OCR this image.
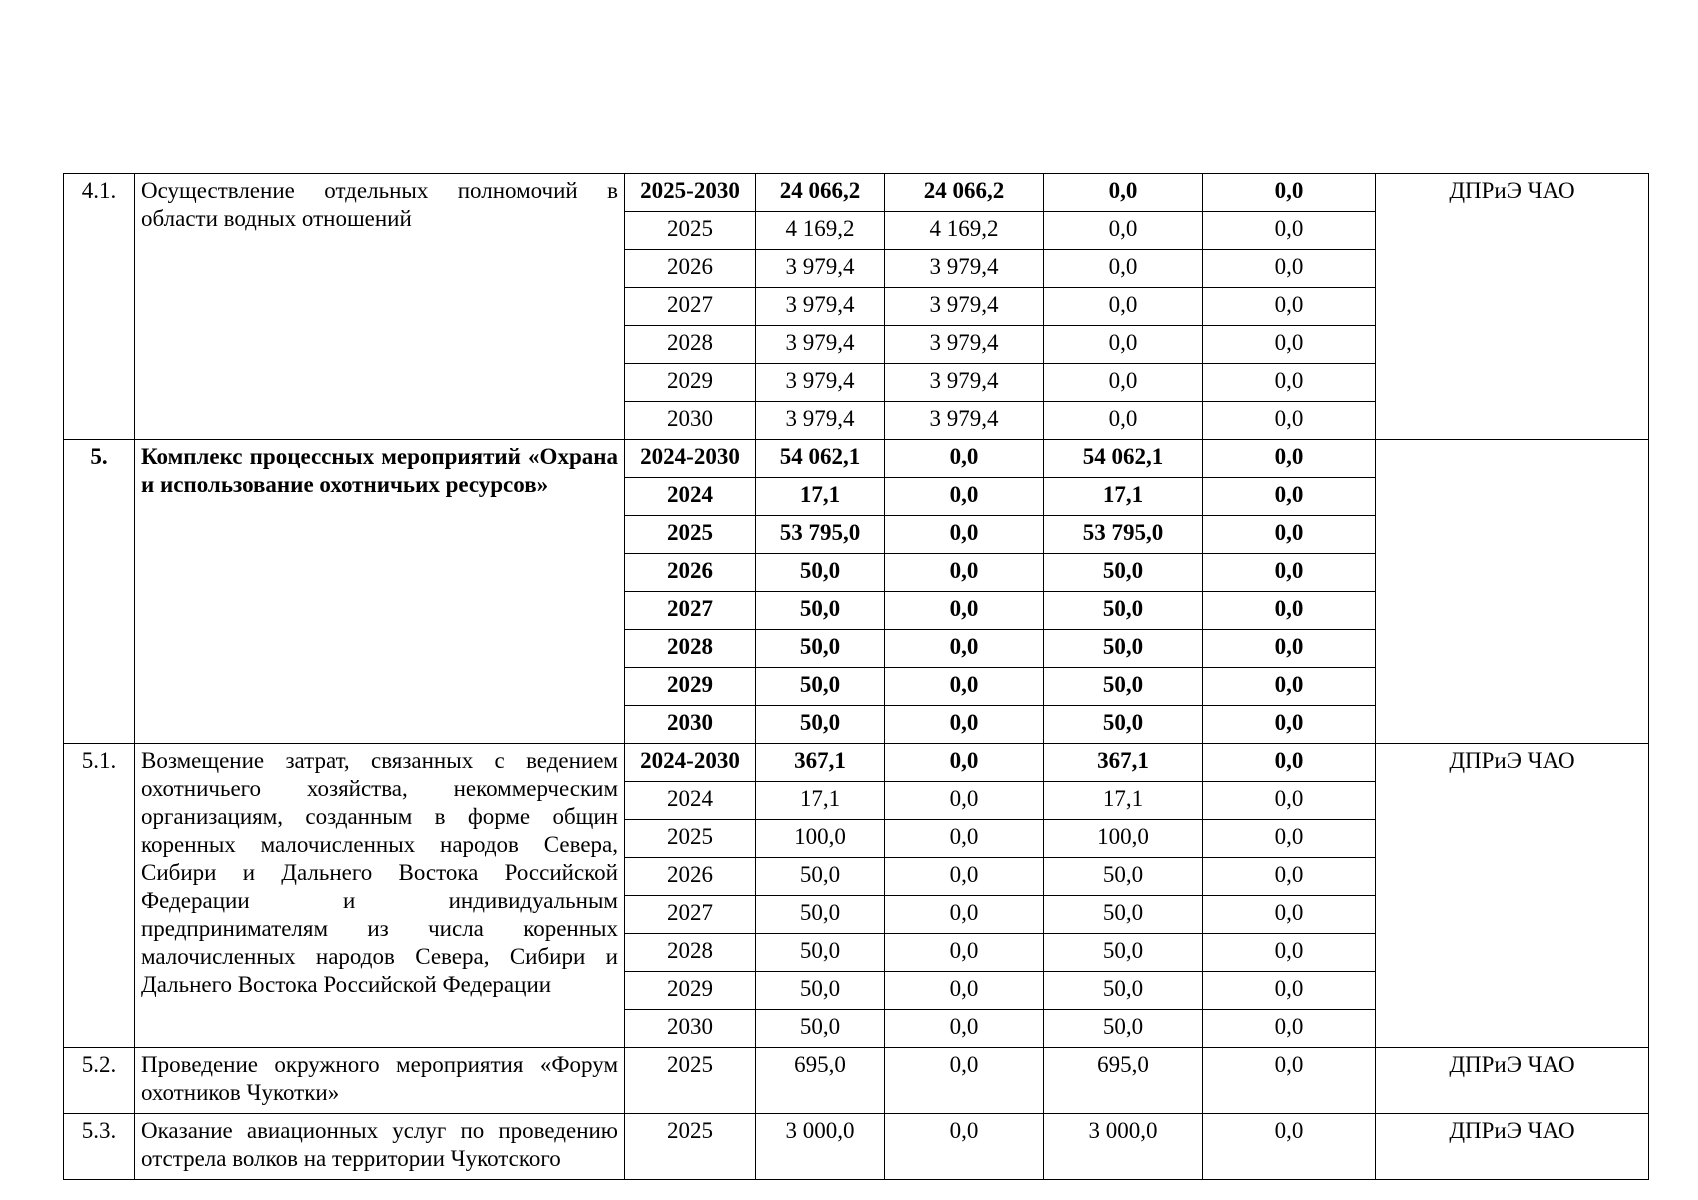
4.1.	Осуществление отдельных полномочий в области водных отношений	2025-2030	24 066,2	24 066,2	0,0	0,0	ДПРиЭ ЧАО
		2025	4 169,2	4 169,2	0,0	0,0	
		2026	3 979,4	3 979,4	0,0	0,0	
		2027	3 979,4	3 979,4	0,0	0,0	
		2028	3 979,4	3 979,4	0,0	0,0	
		2029	3 979,4	3 979,4	0,0	0,0	
		2030	3 979,4	3 979,4	0,0	0,0	
5.	Комплекс процессных мероприятий «Охрана и использование охотничьих ресурсов»	2024-2030	54 062,1	0,0	54 062,1	0,0	
		2024	17,1	0,0	17,1	0,0	
		2025	53 795,0	0,0	53 795,0	0,0	
		2026	50,0	0,0	50,0	0,0	
		2027	50,0	0,0	50,0	0,0	
		2028	50,0	0,0	50,0	0,0	
		2029	50,0	0,0	50,0	0,0	
		2030	50,0	0,0	50,0	0,0	
5.1.	Возмещение затрат, связанных с ведением охотничьего хозяйства, некоммерческим организациям, созданным в форме общин коренных малочисленных народов Севера, Сибири и Дальнего Востока Российской Федерации и индивидуальным предпринимателям из числа коренных малочисленных народов Севера, Сибири и Дальнего Востока Российской Федерации	2024-2030	367,1	0,0	367,1	0,0	ДПРиЭ ЧАО
		2024	17,1	0,0	17,1	0,0	
		2025	100,0	0,0	100,0	0,0	
		2026	50,0	0,0	50,0	0,0	
		2027	50,0	0,0	50,0	0,0	
		2028	50,0	0,0	50,0	0,0	
		2029	50,0	0,0	50,0	0,0	
		2030	50,0	0,0	50,0	0,0	
5.2.	Проведение окружного мероприятия «Форум охотников Чукотки»	2025	695,0	0,0	695,0	0,0	ДПРиЭ ЧАО
5.3.	Оказание авиационных услуг по проведению отстрела волков на территории Чукотского	2025	3 000,0	0,0	3 000,0	0,0	ДПРиЭ ЧАО
